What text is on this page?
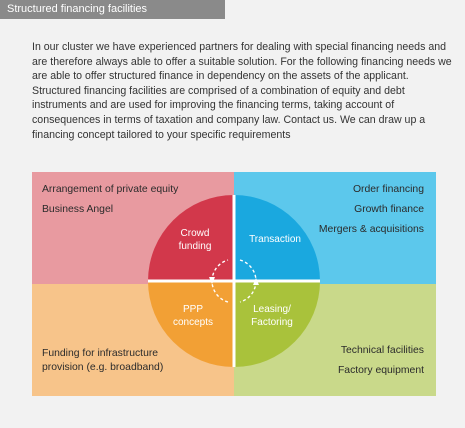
Structured financing facilities

In our cluster we have experienced partners for dealing with special financing needs and are therefore always able to offer a suitable solution. For the following financing needs we are able to offer structured finance in dependency on the assets of the applicant. Structured financing facilities are comprised of a combination of equity and debt instruments and are used for improving the financing terms, taking account of consequences in terms of taxation and company law. Contact us. We can draw up a financing concept tailored to your specific requirements

Arrangement of private equity
Business Angel
Order financing
Growth finance
Mergers & acquisitions
Funding for infrastructure
provision (e.g. broadband)
Technical facilities
Factory equipment
Crowd funding
Transaction
PPP concepts
Leasing/ Factoring
